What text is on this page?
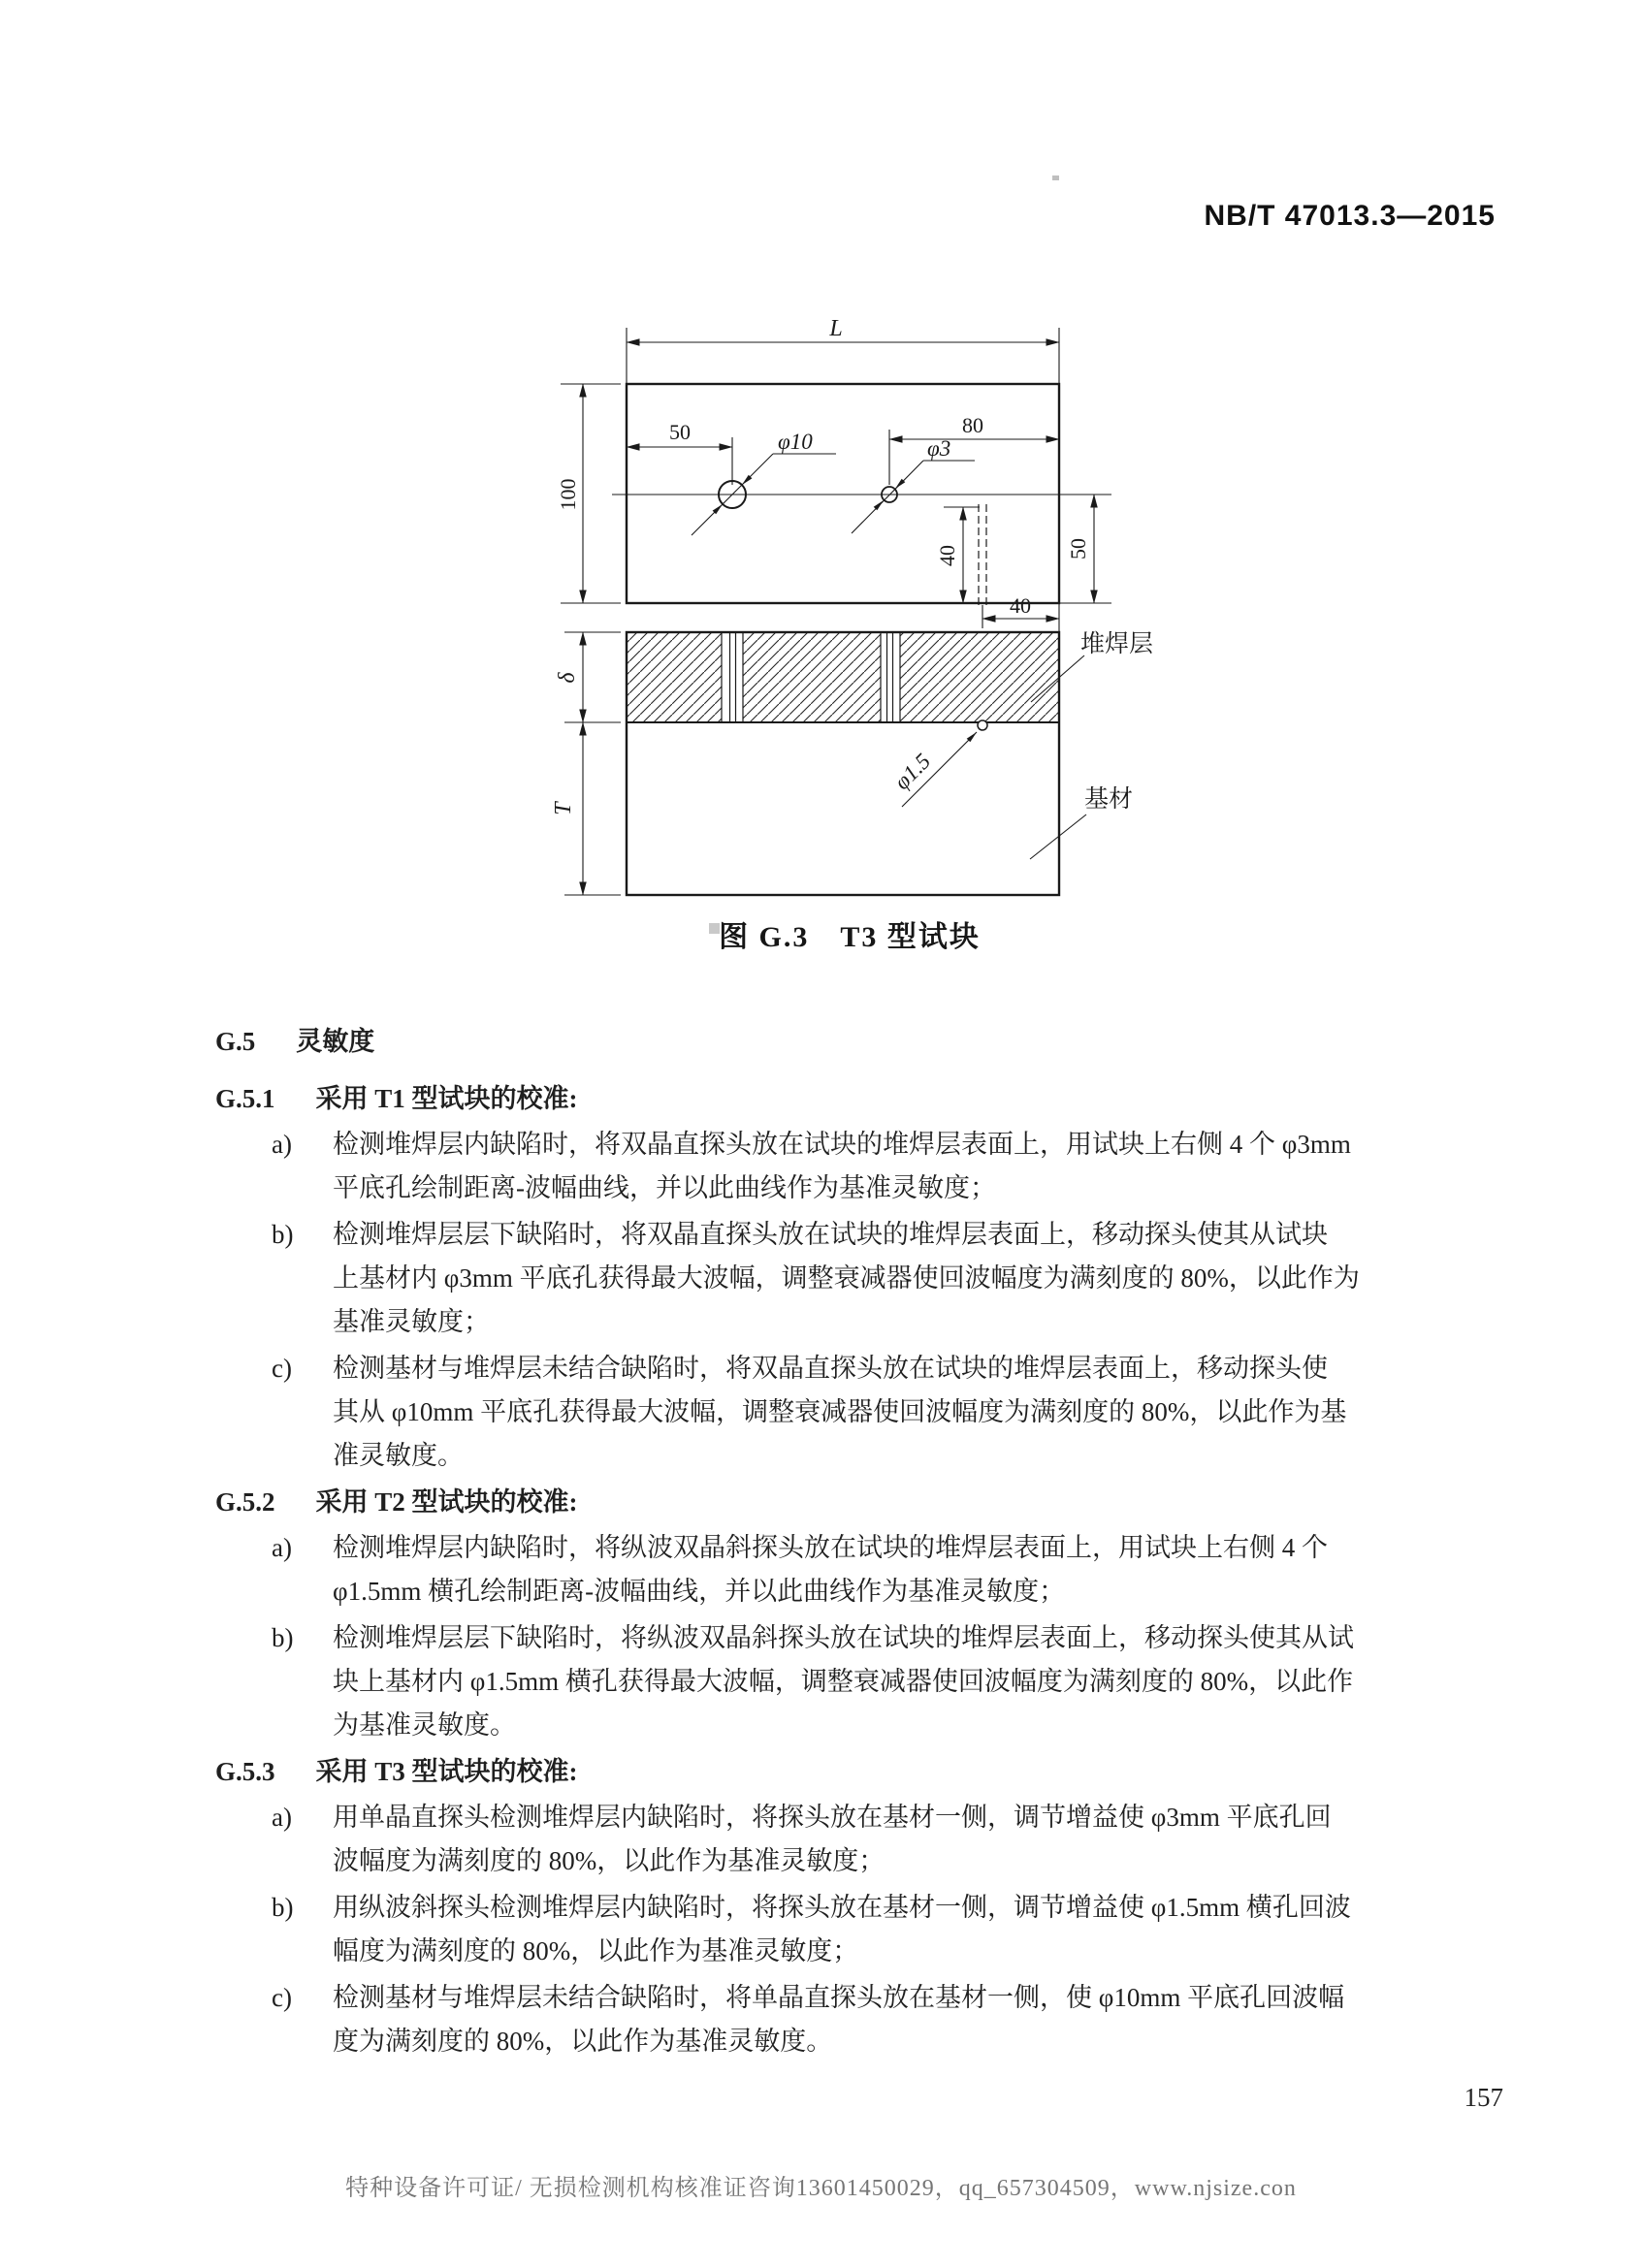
NB/T 47013.3—2015
L
100
50	φ10	φ3
80
40	50
40
δ
T
φ1.5
堆焊层
基材
图 G.3　T3 型试块
G.5 灵敏度
G.5.1 采用 T1 型试块的校准:
a)	检测堆焊层内缺陷时，将双晶直探头放在试块的堆焊层表面上，用试块上右侧 4 个 φ3mm
平底孔绘制距离-波幅曲线，并以此曲线作为基准灵敏度；
b)	检测堆焊层层下缺陷时，将双晶直探头放在试块的堆焊层表面上，移动探头使其从试块
上基材内 φ3mm 平底孔获得最大波幅，调整衰减器使回波幅度为满刻度的 80%，以此作为
基准灵敏度；
c)	检测基材与堆焊层未结合缺陷时，将双晶直探头放在试块的堆焊层表面上，移动探头使
其从 φ10mm 平底孔获得最大波幅，调整衰减器使回波幅度为满刻度的 80%，以此作为基
准灵敏度。
G.5.2 采用 T2 型试块的校准:
a)	检测堆焊层内缺陷时，将纵波双晶斜探头放在试块的堆焊层表面上，用试块上右侧 4 个
φ1.5mm 横孔绘制距离-波幅曲线，并以此曲线作为基准灵敏度；
b)	检测堆焊层层下缺陷时，将纵波双晶斜探头放在试块的堆焊层表面上，移动探头使其从试
块上基材内 φ1.5mm 横孔获得最大波幅，调整衰减器使回波幅度为满刻度的 80%，以此作
为基准灵敏度。
G.5.3 采用 T3 型试块的校准:
a)	用单晶直探头检测堆焊层内缺陷时，将探头放在基材一侧，调节增益使 φ3mm 平底孔回
波幅度为满刻度的 80%，以此作为基准灵敏度；
b)	用纵波斜探头检测堆焊层内缺陷时，将探头放在基材一侧，调节增益使 φ1.5mm 横孔回波
幅度为满刻度的 80%，以此作为基准灵敏度；
c)	检测基材与堆焊层未结合缺陷时，将单晶直探头放在基材一侧，使 φ10mm 平底孔回波幅
度为满刻度的 80%，以此作为基准灵敏度。
157
特种设备许可证/ 无损检测机构核准证咨询13601450029，qq_657304509，www.njsize.con
